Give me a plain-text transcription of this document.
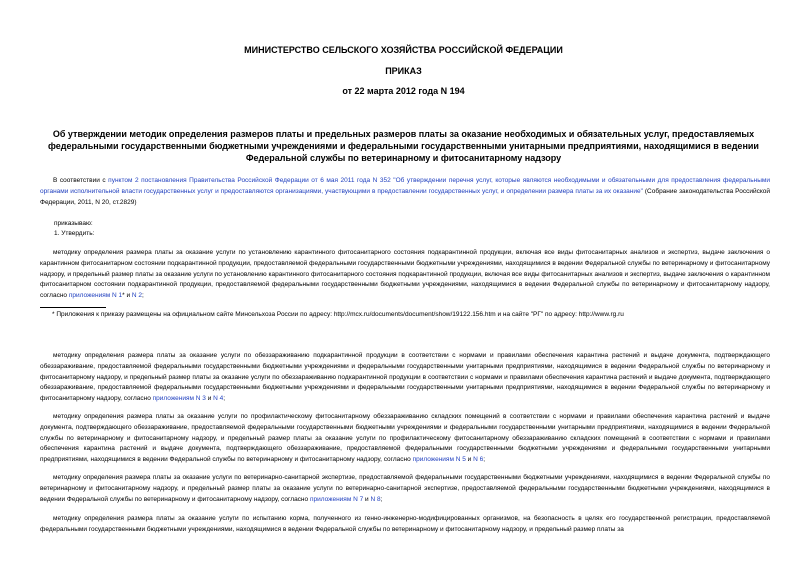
МИНИСТЕРСТВО СЕЛЬСКОГО ХОЗЯЙСТВА РОССИЙСКОЙ ФЕДЕРАЦИИ
ПРИКАЗ
от 22 марта 2012 года N 194
Об утверждении методик определения размеров платы и предельных размеров платы за оказание необходимых и обязательных услуг, предоставляемых федеральными государственными бюджетными учреждениями и федеральными государственными унитарными предприятиями, находящимися в ведении Федеральной службы по ветеринарному и фитосанитарному надзору
В соответствии с пунктом 2 постановления Правительства Российской Федерации от 6 мая 2011 года N 352 "Об утверждении перечня услуг, которые являются необходимыми и обязательными для предоставления федеральными органами исполнительной власти государственных услуг и предоставляются организациями, участвующими в предоставлении государственных услуг, и определении размера платы за их оказание" (Собрание законодательства Российской Федерации, 2011, N 20, ст.2829)
приказываю:
1. Утвердить:
методику определения размера платы за оказание услуги по установлению карантинного фитосанитарного состояния подкарантинной продукции, включая все виды фитосанитарных анализов и экспертиз, выдаче заключения о карантинном фитосанитарном состоянии подкарантинной продукции, предоставляемой федеральными государственными бюджетными учреждениями, находящимися в ведении Федеральной службы по ветеринарному и фитосанитарному надзору, и предельный размер платы за оказание услуги по установлению карантинного фитосанитарного состояния подкарантинной продукции, включая все виды фитосанитарных анализов и экспертиз, выдаче заключения о карантинном фитосанитарном состоянии подкарантинной продукции, предоставляемой федеральными государственными бюджетными учреждениями, находящимися в ведении Федеральной службы по ветеринарному и фитосанитарному надзору, согласно приложениям N 1* и N 2;
* Приложения к приказу размещены на официальном сайте Минсельхоза России по адресу: http://mcx.ru/documents/document/show/19122.156.htm и на сайте "РГ" по адресу: http://www.rg.ru
методику определения размера платы за оказание услуги по обеззараживанию подкарантинной продукции в соответствии с нормами и правилами обеспечения карантина растений и выдаче документа, подтверждающего обеззараживание, предоставляемой федеральными государственными бюджетными учреждениями и федеральными государственными унитарными предприятиями, находящимися в ведении Федеральной службы по ветеринарному и фитосанитарному надзору, и предельный размер платы за оказание услуги по обеззараживанию подкарантинной продукции в соответствии с нормами и правилами обеспечения карантина растений и выдаче документа, подтверждающего обеззараживание, предоставляемой федеральными государственными бюджетными учреждениями и федеральными государственными унитарными предприятиями, находящимися в ведении Федеральной службы по ветеринарному и фитосанитарному надзору, согласно приложениям N 3 и N 4;
методику определения размера платы за оказание услуги по профилактическому фитосанитарному обеззараживанию складских помещений в соответствии с нормами и правилами обеспечения карантина растений и выдаче документа, подтверждающего обеззараживание, предоставляемой федеральными государственными бюджетными учреждениями и федеральными государственными унитарными предприятиями, находящимися в ведении Федеральной службы по ветеринарному и фитосанитарному надзору, и предельный размер платы за оказание услуги по профилактическому фитосанитарному обеззараживанию складских помещений в соответствии с нормами и правилами обеспечения карантина растений и выдаче документа, подтверждающего обеззараживание, предоставляемой федеральными государственными бюджетными учреждениями и федеральными государственными унитарными предприятиями, находящимися в ведении Федеральной службы по ветеринарному и фитосанитарному надзору, согласно приложениям N 5 и N 6;
методику определения размера платы за оказание услуги по ветеринарно-санитарной экспертизе, предоставляемой федеральными государственными бюджетными учреждениями, находящимися в ведении Федеральной службы по ветеринарному и фитосанитарному надзору, и предельный размер платы за оказание услуги по ветеринарно-санитарной экспертизе, предоставляемой федеральными государственными бюджетными учреждениями, находящимися в ведении Федеральной службы по ветеринарному и фитосанитарному надзору, согласно приложениям N 7 и N 8;
методику определения размера платы за оказание услуги по испытанию корма, полученного из генно-инженерно-модифицированных организмов, на безопасность в целях его государственной регистрации, предоставляемой федеральными государственными бюджетными учреждениями, находящимися в ведении Федеральной службы по ветеринарному и фитосанитарному надзору, и предельный размер платы за
